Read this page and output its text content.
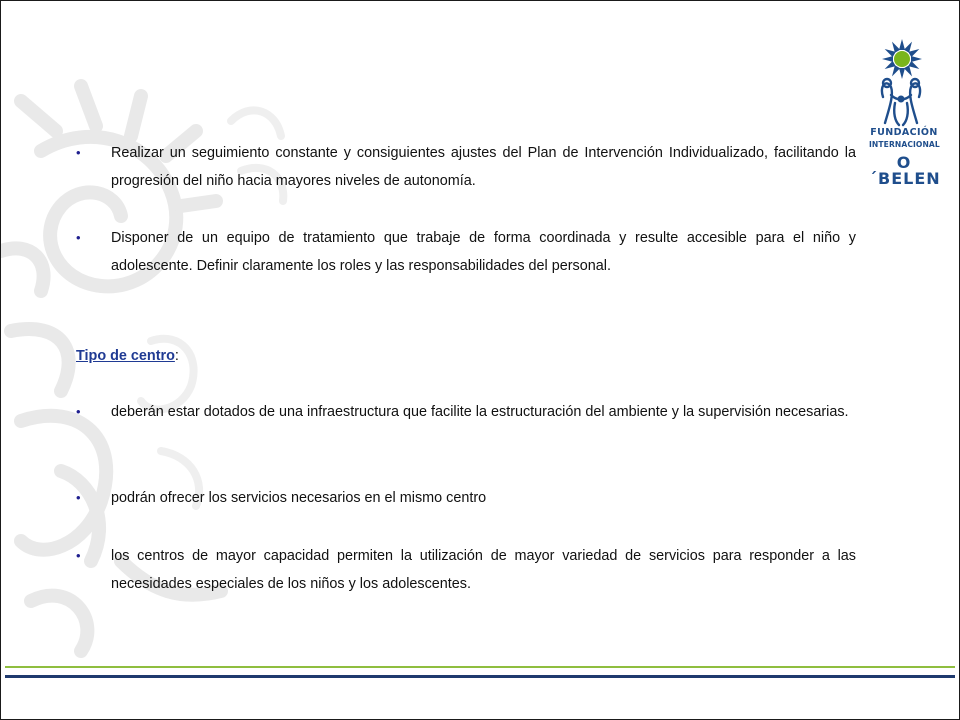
FUNDACIÓN
INTERNACIONAL
O´BELEN
• Realizar un seguimiento constante y consiguientes ajustes del Plan de Intervención Individualizado, facilitando la progresión del niño hacia mayores niveles de autonomía.
• Disponer de un equipo de tratamiento que trabaje de forma coordinada y resulte accesible para el niño y adolescente. Definir claramente los roles y las responsabilidades del personal.
Tipo de centro:
• deberán estar dotados de una infraestructura que facilite la estructuración del ambiente y la supervisión necesarias.
• podrán ofrecer los servicios necesarios en el mismo centro
• los centros de mayor capacidad permiten la utilización de mayor variedad de servicios para responder a las necesidades especiales de los niños y los adolescentes.
